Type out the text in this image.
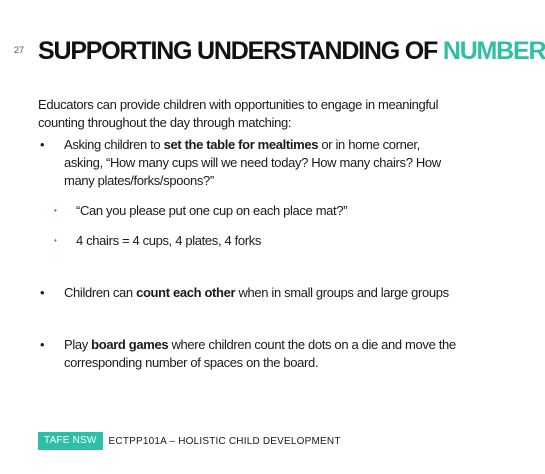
27 SUPPORTING UNDERSTANDING OF NUMBER

Educators can provide children with opportunities to engage in meaningful counting throughout the day through matching:

• Asking children to set the table for mealtimes or in home corner, asking, “How many cups will we need today? How many chairs? How many plates/forks/spoons?”
• “Can you please put one cup on each place mat?”
• 4 chairs = 4 cups, 4 plates, 4 forks
• Children can count each other when in small groups and large groups
• Play board games where children count the dots on a die and move the corresponding number of spaces on the board.
TAFE NSW	ECTPP101A – HOLISTIC CHILD DEVELOPMENT
